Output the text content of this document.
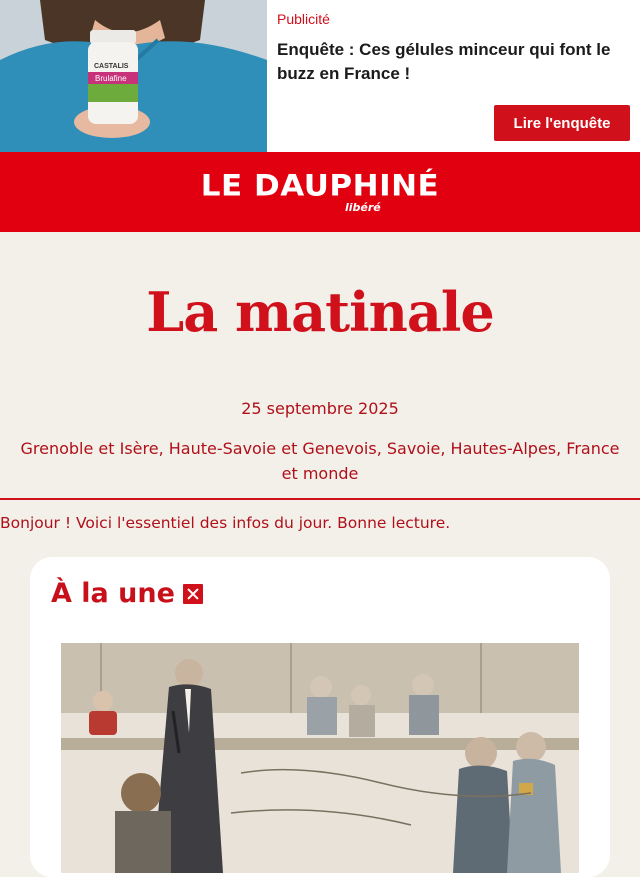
CASTALIS
Brulafine
Publicité
Enquête : Ces gélules minceur qui font le buzz en France !
Lire l'enquête
LE DAUPHINÉ
libéré
La matinale
25 septembre 2025
Grenoble et Isère, Haute-Savoie et Genevois, Savoie, Hautes-Alpes, France et monde
Bonjour ! Voici l'essentiel des infos du jour. Bonne lecture.
À la une
